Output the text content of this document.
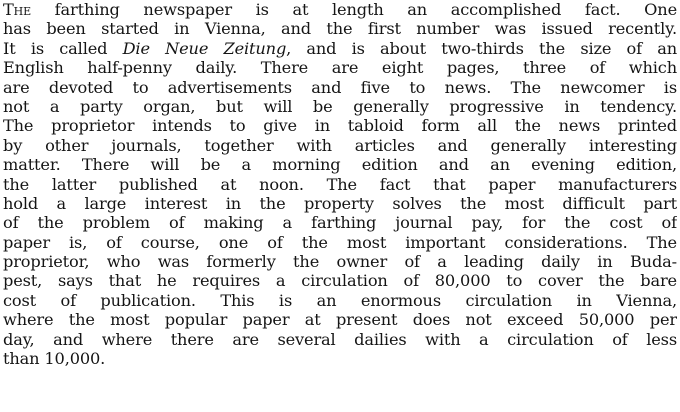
The farthing newspaper is at length an accomplished fact. One
has been started in Vienna, and the first number was issued recently.
It is called Die Neue Zeitung, and is about two-thirds the size of an
English half-penny daily. There are eight pages, three of which
are devoted to advertisements and five to news. The newcomer is
not a party organ, but will be generally progressive in tendency.
The proprietor intends to give in tabloid form all the news printed
by other journals, together with articles and generally interesting
matter. There will be a morning edition and an evening edition,
the latter published at noon. The fact that paper manufacturers
hold a large interest in the property solves the most difficult part
of the problem of making a farthing journal pay, for the cost of
paper is, of course, one of the most important considerations. The
proprietor, who was formerly the owner of a leading daily in Buda-
pest, says that he requires a circulation of 80,000 to cover the bare
cost of publication. This is an enormous circulation in Vienna,
where the most popular paper at present does not exceed 50,000 per
day, and where there are several dailies with a circulation of less
than 10,000.
